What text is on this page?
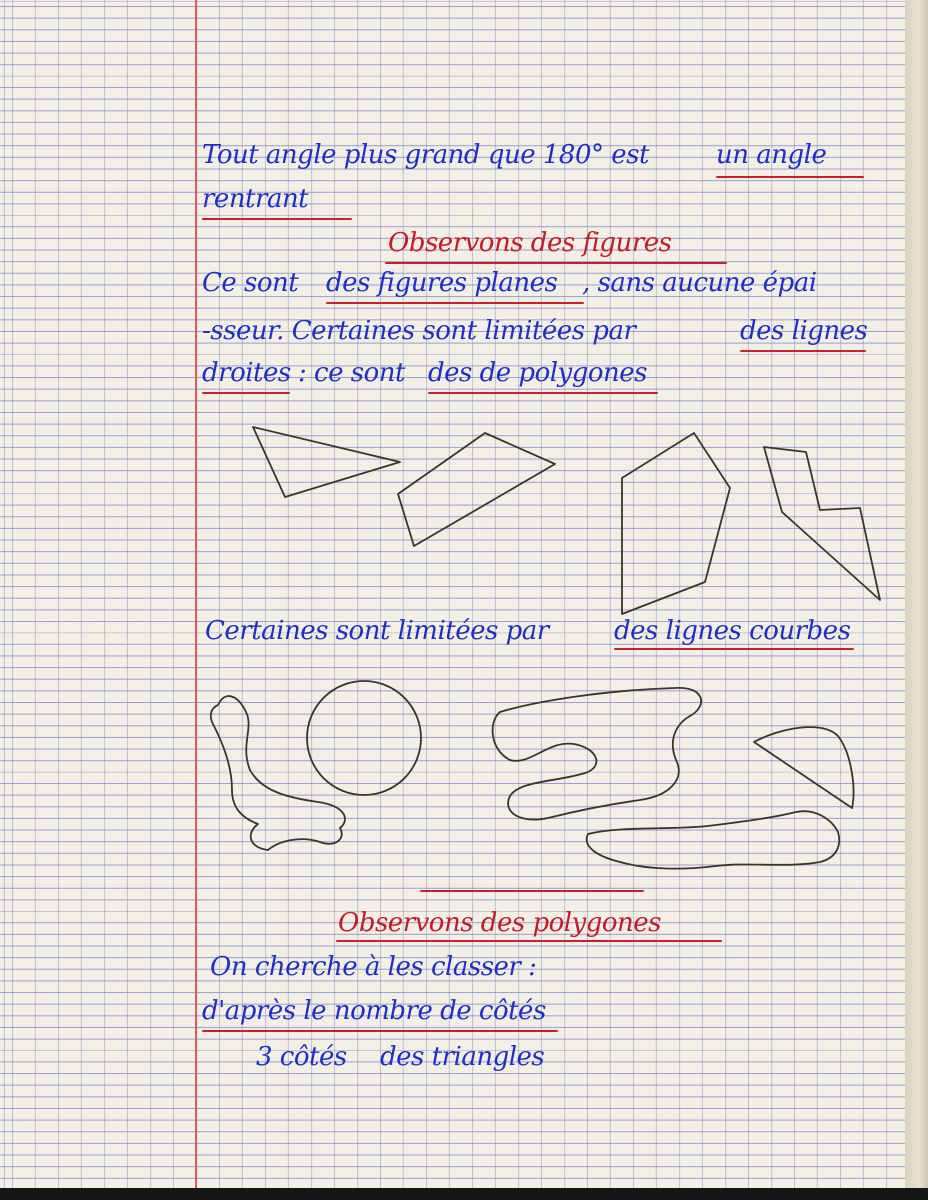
Tout angle plus grand que 180° est	un angle
rentrant
Observons des figures
Ce sont des figures planes , sans aucune épai
-sseur. Certaines sont limitées par	des lignes
droites : ce sont des de polygones
Certaines sont limitées par	des lignes courbes
Observons des polygones
On cherche à les classer :
d'après le nombre de côtés
3 côtés des triangles
